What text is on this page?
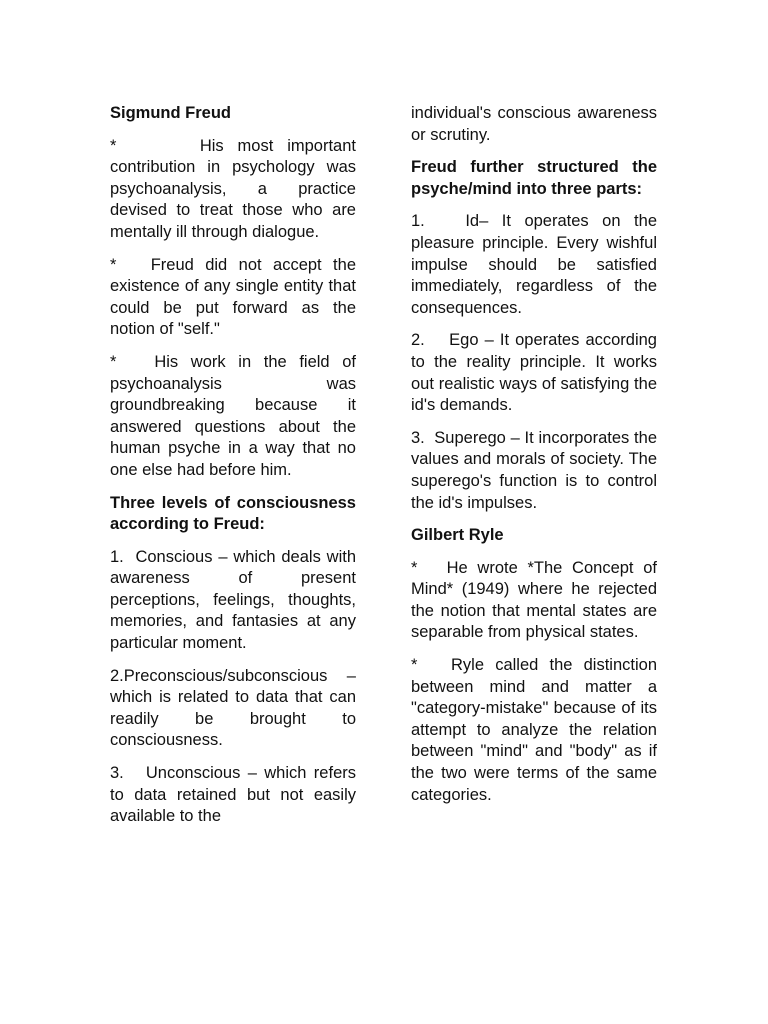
Sigmund Freud

*      His most important contribution in psychology was psychoanalysis, a practice devised to treat those who are mentally ill through dialogue.

*   Freud did not accept the existence of any single entity that could be put forward as the notion of "self."

*   His work in the field of psychoanalysis was groundbreaking because it answered questions about the human psyche in a way that no one else had before him.

Three levels of consciousness according to Freud:

1.  Conscious – which deals with awareness of present perceptions, feelings, thoughts, memories, and fantasies at any particular moment.

2.Preconscious/subconscious – which is related to data that can readily be brought to consciousness.

3.   Unconscious – which refers to data retained but not easily available to the

individual's conscious awareness or scrutiny.

Freud further structured the psyche/mind into three parts:

1.   Id– It operates on the pleasure principle. Every wishful impulse should be satisfied immediately, regardless of the consequences.

2.    Ego – It operates according to the reality principle. It works out realistic ways of satisfying the id's demands.

3.  Superego – It incorporates the values and morals of society. The superego's function is to control the id's impulses.

Gilbert Ryle

*   He wrote *The Concept of Mind* (1949) where he rejected the notion that mental states are separable from physical states.

*   Ryle called the distinction between mind and matter a "category-mistake" because of its attempt to analyze the relation between "mind" and "body" as if the two were terms of the same categories.
